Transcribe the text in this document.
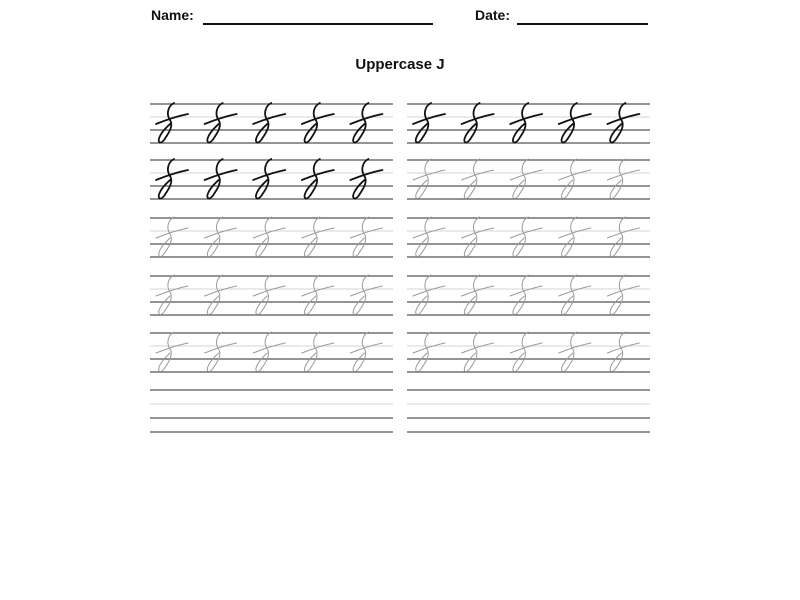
Name:	Date:
Uppercase J
